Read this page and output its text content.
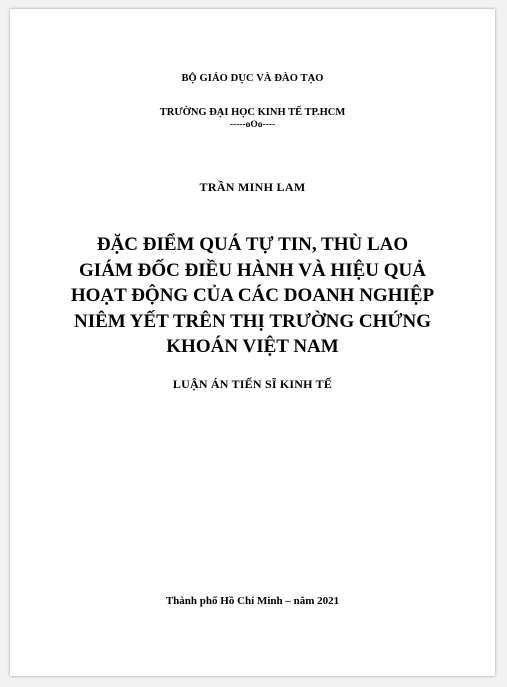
BỘ GIÁO DỤC VÀ ĐÀO TẠO
TRƯỜNG ĐẠI HỌC KINH TẾ TP.HCM
-----oOo----
TRẦN MINH LAM
ĐẶC ĐIỂM QUÁ TỰ TIN, THÙ LAO
GIÁM ĐỐC ĐIỀU HÀNH VÀ HIỆU QUẢ
HOẠT ĐỘNG CỦA CÁC DOANH NGHIỆP
NIÊM YẾT TRÊN THỊ TRƯỜNG CHỨNG
KHOÁN VIỆT NAM
LUẬN ÁN TIẾN SĨ KINH TẾ
Thành phố Hồ Chí Minh – năm 2021
